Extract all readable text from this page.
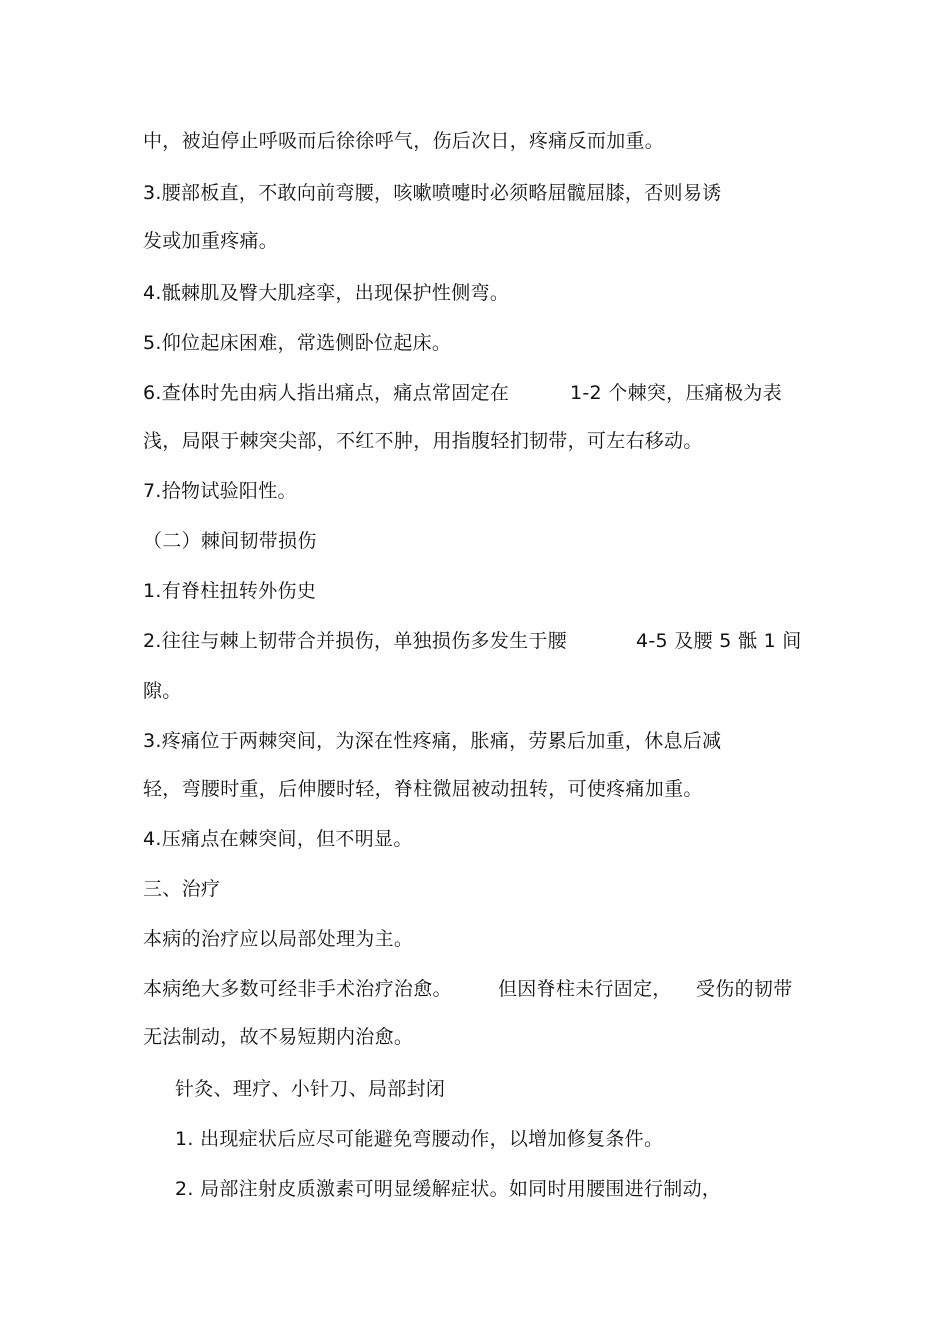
中，被迫停止呼吸而后徐徐呼气，伤后次日，疼痛反而加重。
3.腰部板直，不敢向前弯腰，咳嗽喷嚏时必须略屈髋屈膝，否则易诱
发或加重疼痛。
4.骶棘肌及臀大肌痉挛，出现保护性侧弯。
5.仰位起床困难，常选侧卧位起床。
6.查体时先由病人指出痛点，痛点常固定在	1-2 个棘突，压痛极为表
浅，局限于棘突尖部，不红不肿，用指腹轻扪韧带，可左右移动。
7.拾物试验阳性。
（二）棘间韧带损伤
1.有脊柱扭转外伤史
2.往往与棘上韧带合并损伤，单独损伤多发生于腰	4-5 及腰 5 骶 1 间
隙。
3.疼痛位于两棘突间，为深在性疼痛，胀痛，劳累后加重，休息后减
轻，弯腰时重，后伸腰时轻，脊柱微屈被动扭转，可使疼痛加重。
4.压痛点在棘突间，但不明显。
三、治疗
本病的治疗应以局部处理为主。
本病绝大多数可经非手术治疗治愈。 但因脊柱未行固定， 受伤的韧带
无法制动，故不易短期内治愈。
针灸、理疗、小针刀、局部封闭
1. 出现症状后应尽可能避免弯腰动作，以增加修复条件。
2. 局部注射皮质激素可明显缓解症状。如同时用腰围进行制动，
